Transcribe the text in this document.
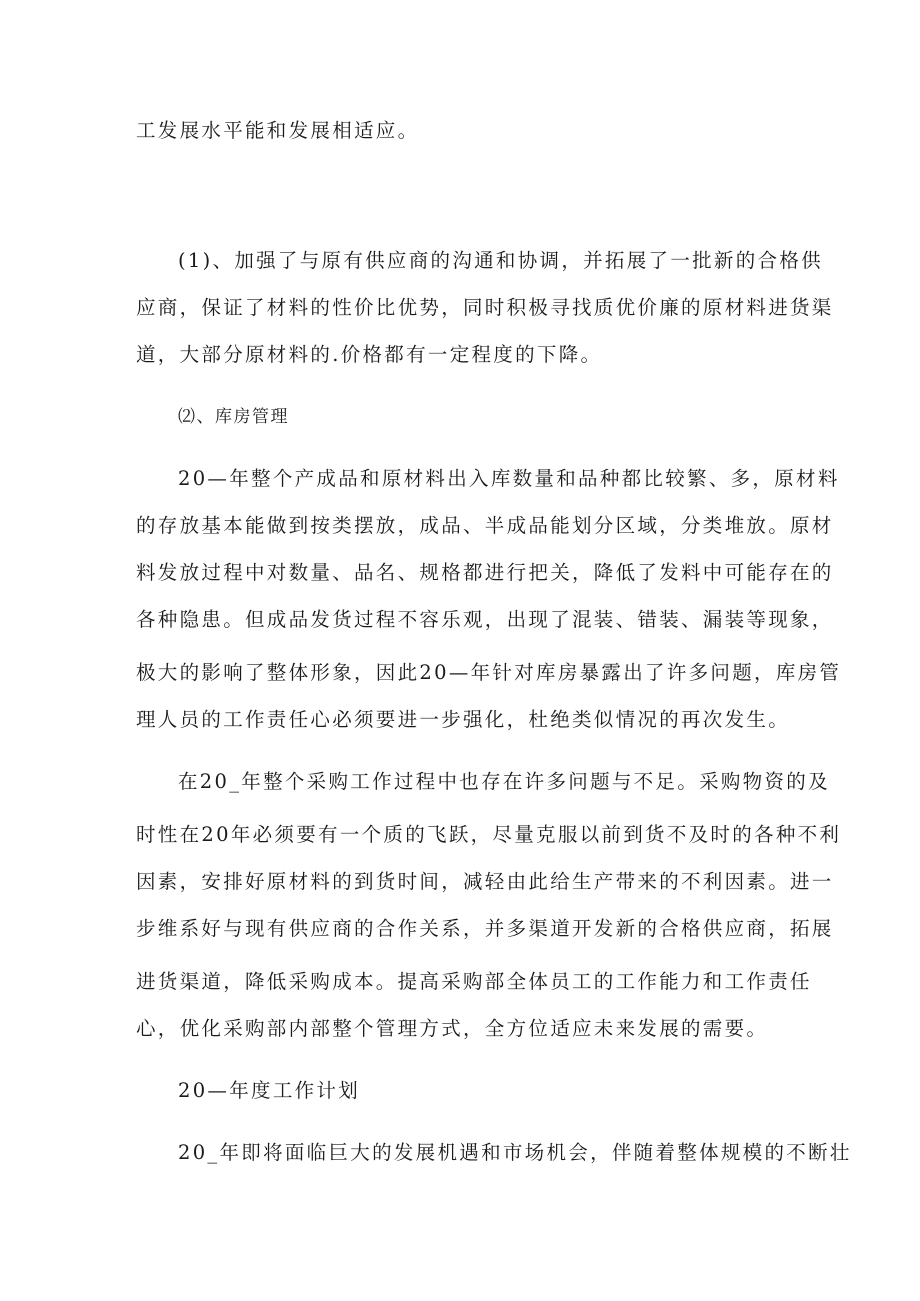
工发展水平能和发展相适应。
(1)、加强了与原有供应商的沟通和协调，并拓展了一批新的合格供
应商，保证了材料的性价比优势，同时积极寻找质优价廉的原材料进货渠
道，大部分原材料的.价格都有一定程度的下降。
⑵、库房管理
20—年整个产成品和原材料出入库数量和品种都比较繁、多，原材料
的存放基本能做到按类摆放，成品、半成品能划分区域，分类堆放。原材
料发放过程中对数量、品名、规格都进行把关，降低了发料中可能存在的
各种隐患。但成品发货过程不容乐观，出现了混装、错装、漏装等现象，
极大的影响了整体形象，因此20—年针对库房暴露出了许多问题，库房管
理人员的工作责任心必须要进一步强化，杜绝类似情况的再次发生。
在20_年整个采购工作过程中也存在许多问题与不足。采购物资的及
时性在20年必须要有一个质的飞跃，尽量克服以前到货不及时的各种不利
因素，安排好原材料的到货时间，减轻由此给生产带来的不利因素。进一
步维系好与现有供应商的合作关系，并多渠道开发新的合格供应商，拓展
进货渠道，降低采购成本。提高采购部全体员工的工作能力和工作责任
心，优化采购部内部整个管理方式，全方位适应未来发展的需要。
20—年度工作计划
20_年即将面临巨大的发展机遇和市场机会，伴随着整体规模的不断壮
